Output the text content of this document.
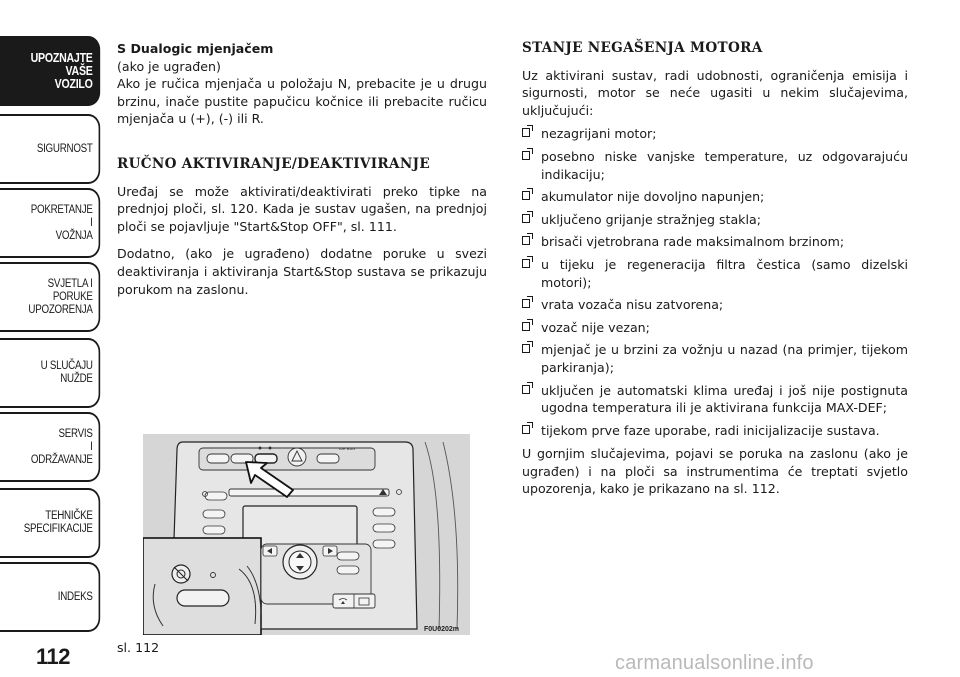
UPOZNAJTE
VAŠE
VOZILO
SIGURNOST
POKRETANJE
I
VOŽNJA
SVJETLA I
PORUKE
UPOZORENJA
U SLUČAJU
NUŽDE
SERVIS
I
ODRŽAVANJE
TEHNIČKE
SPECIFIKACIJE
INDEKS
112
S Dualogic mjenjačem
(ako je ugrađen)

Ako je ručica mjenjača u položaju N, prebacite je u drugu brzinu, inače pustite papučicu kočnice ili prebacite ručicu mjenjača u (+), (-) ili R.

RUČNO AKTIVIRANJE/DEAKTIVIRANJE

Uređaj se može aktivirati/deaktivirati preko tipke na prednjoj ploči, sl. 120. Kada je sustav ugašen, na prednjoj ploči se pojavljuje "Start&Stop OFF", sl. 111.

Dodatno, (ako je ugrađeno) dodatne poruke u svezi deaktiviranja i aktiviranja Start&Stop sustava se prikazuju porukom na zaslonu.

STANJE NEGAŠENJA MOTORA

Uz aktivirani sustav, radi udobnosti, ograničenja emisija i sigurnosti, motor se neće ugasiti u nekim slučajevima, uključujući:

nezagrijani motor;
posebno niske vanjske temperature, uz odgovarajuću indikaciju;
akumulator nije dovoljno napunjen;
uključeno grijanje stražnjeg stakla;
brisači vjetrobrana rade maksimalnom brzinom;
u tijeku je regeneracija filtra čestica (samo dizelski motori);
vrata vozača nisu zatvorena;
vozač nije vezan;
mjenjač je u brzini za vožnju u nazad (na primjer, tijekom parkiranja);
uključen je automatski klima uređaj i još nije postignuta ugodna temperatura ili je aktivirana funkcija MAX-DEF;
tijekom prve faze uporabe, radi inicijalizacije sustava.

U gornjim slučajevima, pojavi se poruka na zaslonu (ako je ugrađen) i na ploči sa instrumentima će treptati svjetlo upozorenja, kako je prikazano na sl. 112.

AIR BAG
sl. 112
F0U0202m
carmanualsonline.info
